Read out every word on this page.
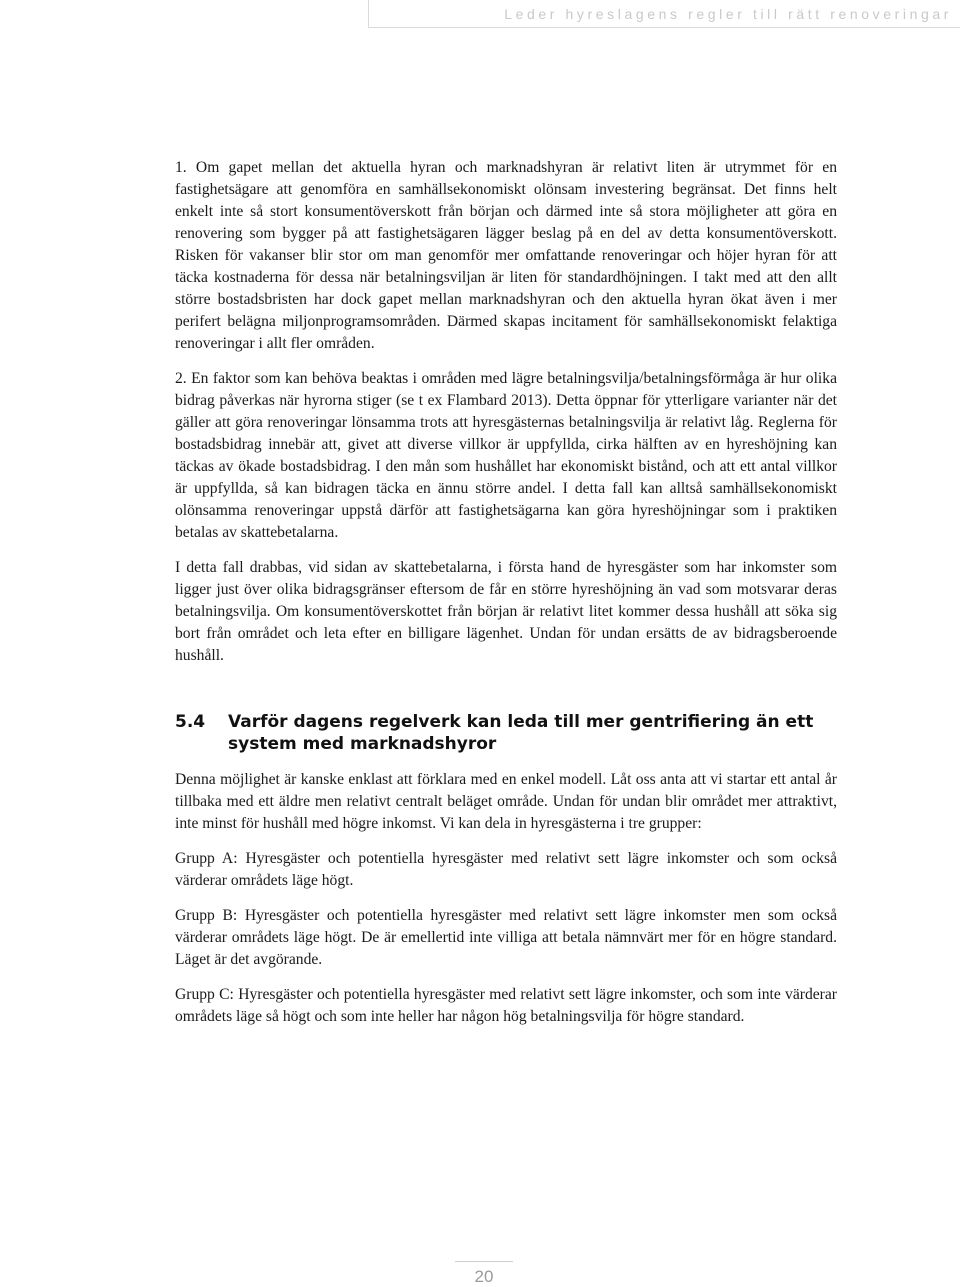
Leder hyreslagens regler till rätt renoveringar

1. Om gapet mellan det aktuella hyran och marknadshyran är relativt liten är utrymmet för en fastighetsägare att genomföra en samhällsekonomiskt olönsam investering begränsat. Det finns helt enkelt inte så stort konsumentöverskott från början och därmed inte så stora möjligheter att göra en renovering som bygger på att fastighetsägaren lägger beslag på en del av detta konsumentöverskott. Risken för vakanser blir stor om man genomför mer omfattande renoveringar och höjer hyran för att täcka kostnaderna för dessa när betalningsviljan är liten för standardhöjningen. I takt med att den allt större bostadsbristen har dock gapet mellan marknadshyran och den aktuella hyran ökat även i mer perifert belägna miljonprogramsområden. Därmed skapas incitament för samhällsekonomiskt felaktiga renoveringar i allt fler områden.

2. En faktor som kan behöva beaktas i områden med lägre betalningsvilja/betalningsförmåga är hur olika bidrag påverkas när hyrorna stiger (se t ex Flambard 2013). Detta öppnar för ytterligare varianter när det gäller att göra renoveringar lönsamma trots att hyresgästernas betalningsvilja är relativt låg. Reglerna för bostadsbidrag innebär att, givet att diverse villkor är uppfyllda, cirka hälften av en hyreshöjning kan täckas av ökade bostadsbidrag. I den mån som hushållet har ekonomiskt bistånd, och att ett antal villkor är uppfyllda, så kan bidragen täcka en ännu större andel. I detta fall kan alltså samhällsekonomiskt olönsamma renoveringar uppstå därför att fastighetsägarna kan göra hyreshöjningar som i praktiken betalas av skattebetalarna.

I detta fall drabbas, vid sidan av skattebetalarna, i första hand de hyresgäster som har inkomster som ligger just över olika bidragsgränser eftersom de får en större hyreshöjning än vad som motsvarar deras betalningsvilja. Om konsumentöverskottet från början är relativt litet kommer dessa hushåll att söka sig bort från området och leta efter en billigare lägenhet. Undan för undan ersätts de av bidragsberoende hushåll.

5.4	Varför dagens regelverk kan leda till mer gentrifiering än ett system med marknadshyror

Denna möjlighet är kanske enklast att förklara med en enkel modell. Låt oss anta att vi startar ett antal år tillbaka med ett äldre men relativt centralt beläget område. Undan för undan blir området mer attraktivt, inte minst för hushåll med högre inkomst. Vi kan dela in hyresgästerna i tre grupper:

Grupp A: Hyresgäster och potentiella hyresgäster med relativt sett lägre inkomster och som också värderar områdets läge högt.

Grupp B: Hyresgäster och potentiella hyresgäster med relativt sett lägre inkomster men som också värderar områdets läge högt. De är emellertid inte villiga att betala nämnvärt mer för en högre standard. Läget är det avgörande.

Grupp C: Hyresgäster och potentiella hyresgäster med relativt sett lägre inkomster, och som inte värderar områdets läge så högt och som inte heller har någon hög betalningsvilja för högre standard.

20
